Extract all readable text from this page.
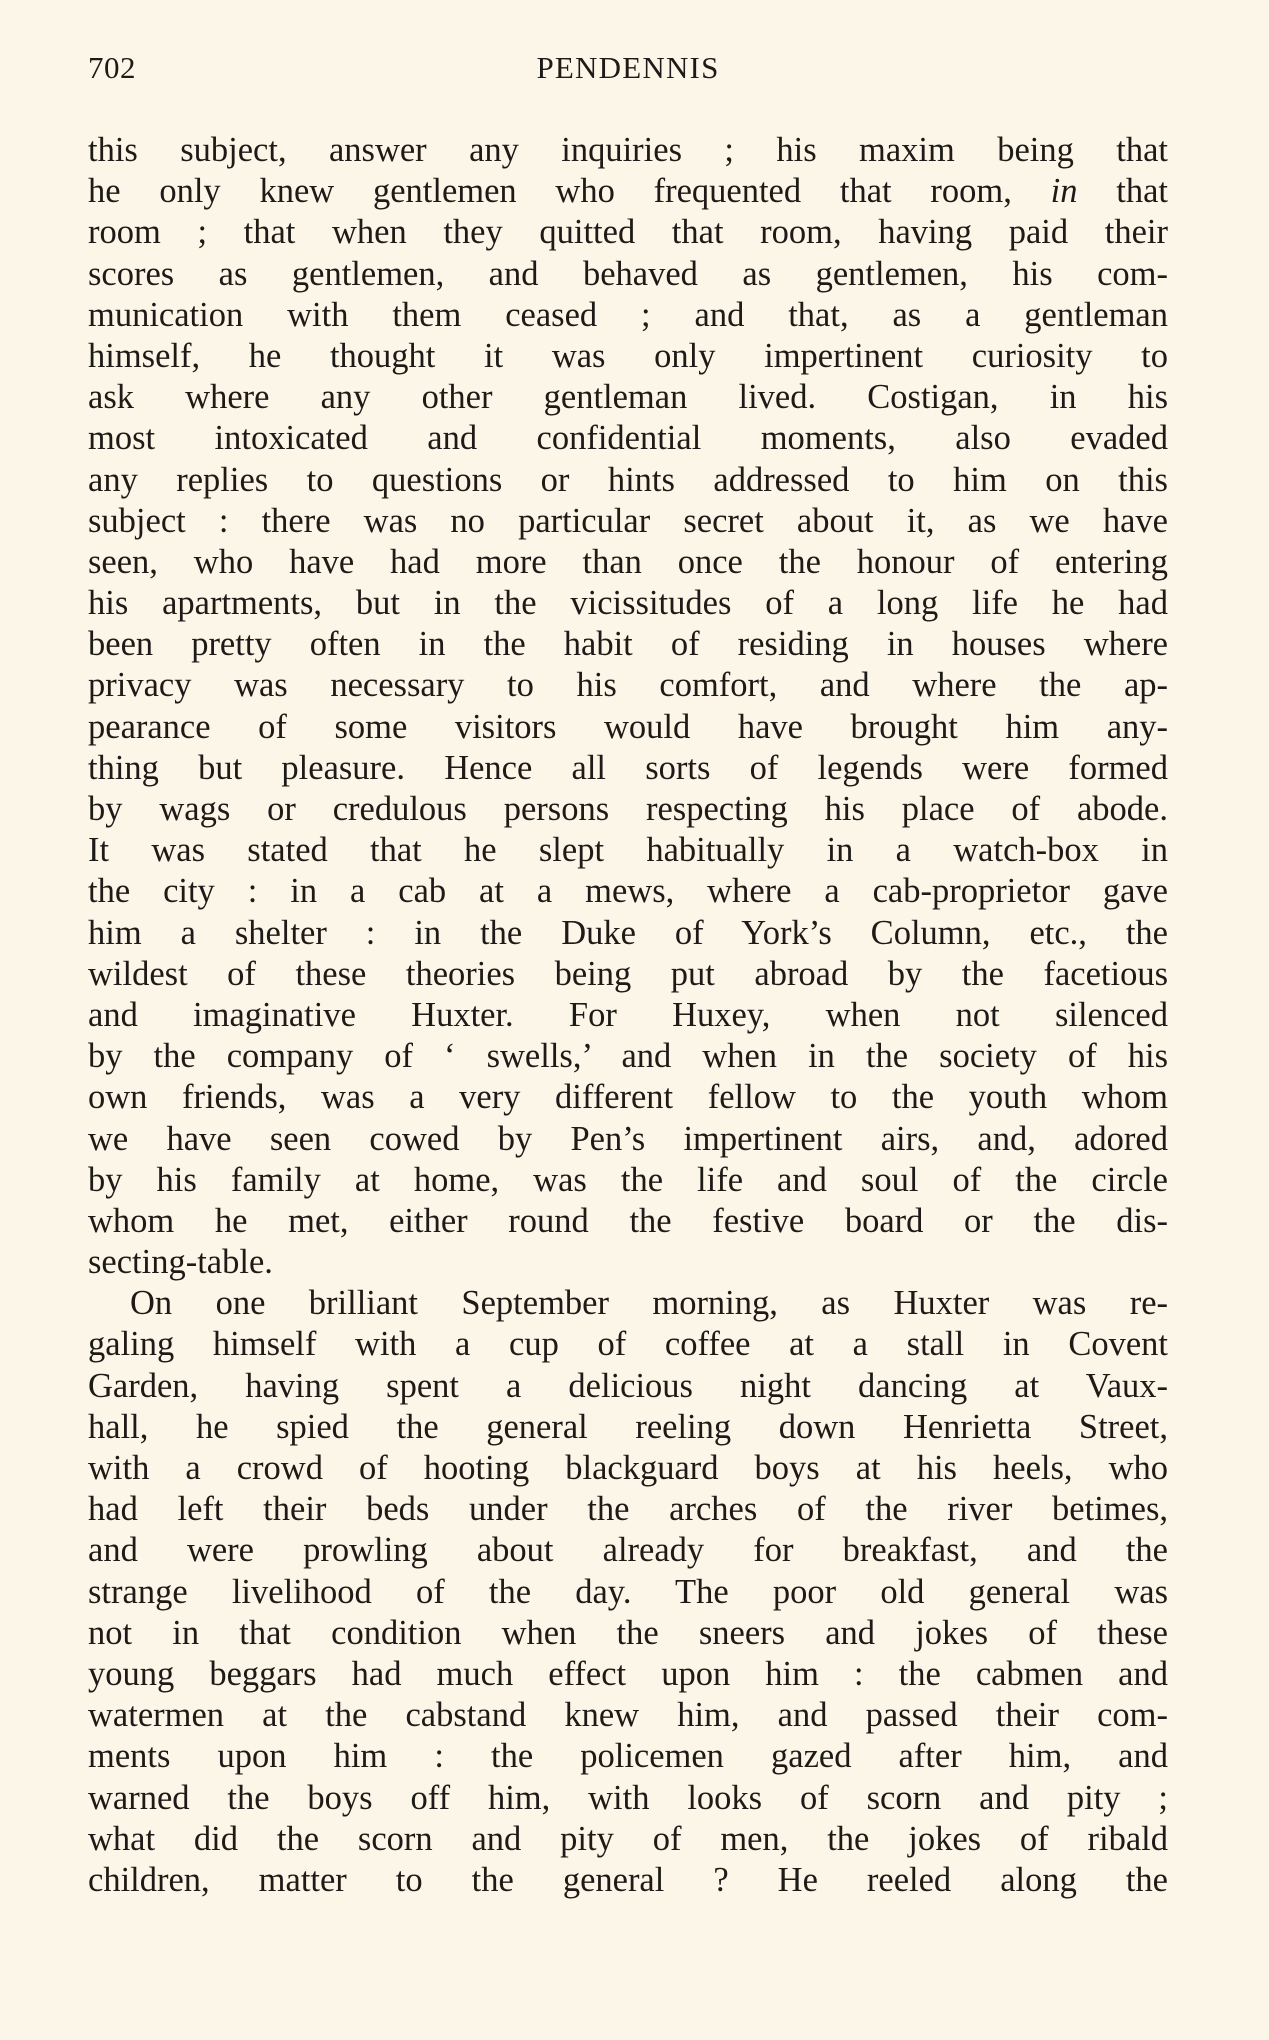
702	PENDENNIS
this subject, answer any inquiries ; his maxim being that
he only knew gentlemen who frequented that room, in that
room ; that when they quitted that room, having paid their
scores as gentlemen, and behaved as gentlemen, his com-
munication with them ceased ; and that, as a gentleman
himself, he thought it was only impertinent curiosity to
ask where any other gentleman lived. Costigan, in his
most intoxicated and confidential moments, also evaded
any replies to questions or hints addressed to him on this
subject : there was no particular secret about it, as we have
seen, who have had more than once the honour of entering
his apartments, but in the vicissitudes of a long life he had
been pretty often in the habit of residing in houses where
privacy was necessary to his comfort, and where the ap-
pearance of some visitors would have brought him any-
thing but pleasure. Hence all sorts of legends were formed
by wags or credulous persons respecting his place of abode.
It was stated that he slept habitually in a watch-box in
the city : in a cab at a mews, where a cab-proprietor gave
him a shelter : in the Duke of York’s Column, etc., the
wildest of these theories being put abroad by the facetious
and imaginative Huxter. For Huxey, when not silenced
by the company of ‘ swells,’ and when in the society of his
own friends, was a very different fellow to the youth whom
we have seen cowed by Pen’s impertinent airs, and, adored
by his family at home, was the life and soul of the circle
whom he met, either round the festive board or the dis-
secting-table.
On one brilliant September morning, as Huxter was re-
galing himself with a cup of coffee at a stall in Covent
Garden, having spent a delicious night dancing at Vaux-
hall, he spied the general reeling down Henrietta Street,
with a crowd of hooting blackguard boys at his heels, who
had left their beds under the arches of the river betimes,
and were prowling about already for breakfast, and the
strange livelihood of the day. The poor old general was
not in that condition when the sneers and jokes of these
young beggars had much effect upon him : the cabmen and
watermen at the cabstand knew him, and passed their com-
ments upon him : the policemen gazed after him, and
warned the boys off him, with looks of scorn and pity ;
what did the scorn and pity of men, the jokes of ribald
children, matter to the general ? He reeled along the
